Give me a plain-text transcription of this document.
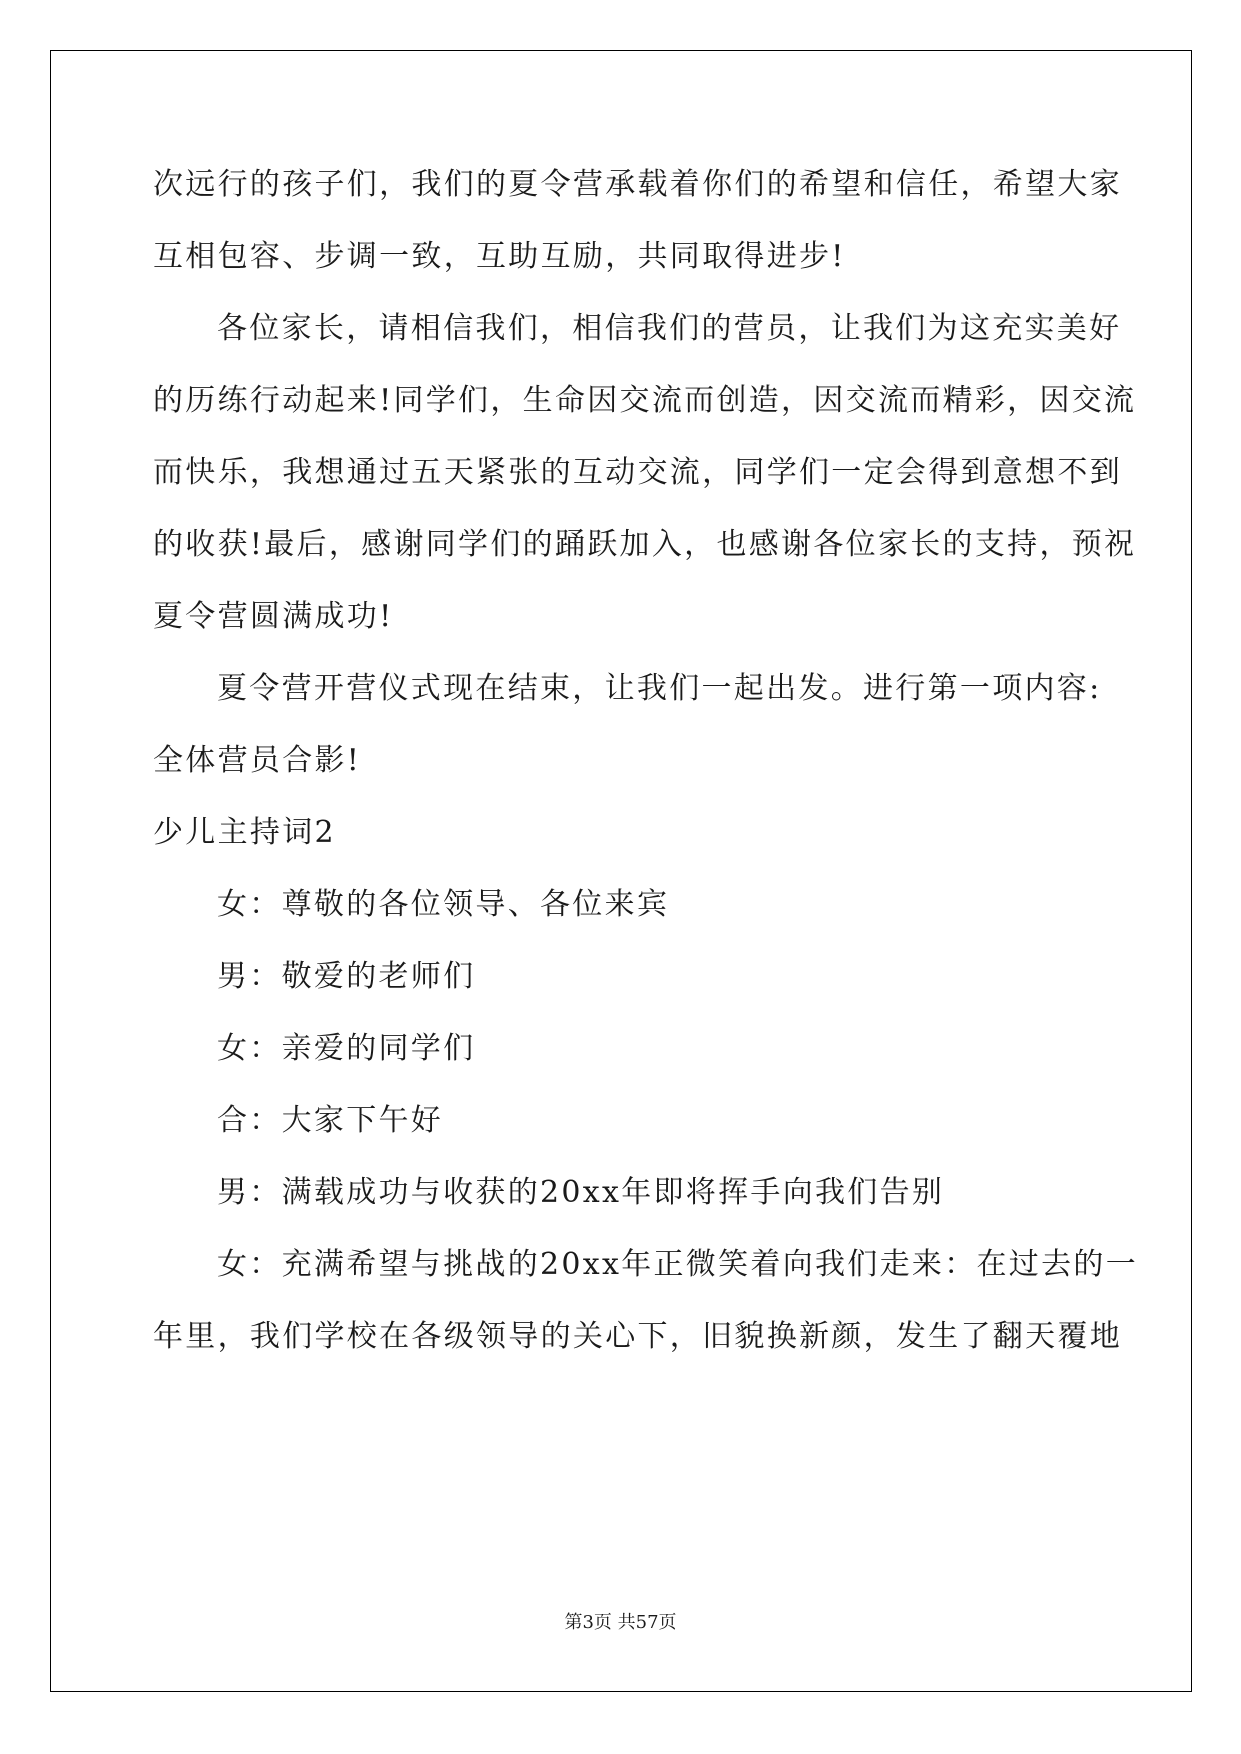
次远行的孩子们，我们的夏令营承载着你们的希望和信任，希望大家
互相包容、步调一致，互助互励，共同取得进步!
各位家长，请相信我们，相信我们的营员，让我们为这充实美好
的历练行动起来!同学们，生命因交流而创造，因交流而精彩，因交流
而快乐，我想通过五天紧张的互动交流，同学们一定会得到意想不到
的收获!最后，感谢同学们的踊跃加入，也感谢各位家长的支持，预祝
夏令营圆满成功!
夏令营开营仪式现在结束，让我们一起出发。进行第一项内容:
全体营员合影!
少儿主持词2
女：尊敬的各位领导、各位来宾
男：敬爱的老师们
女：亲爱的同学们
合：大家下午好
男：满载成功与收获的20xx年即将挥手向我们告别
女：充满希望与挑战的20xx年正微笑着向我们走来：在过去的一
年里，我们学校在各级领导的关心下，旧貌换新颜，发生了翻天覆地
第3页 共57页
